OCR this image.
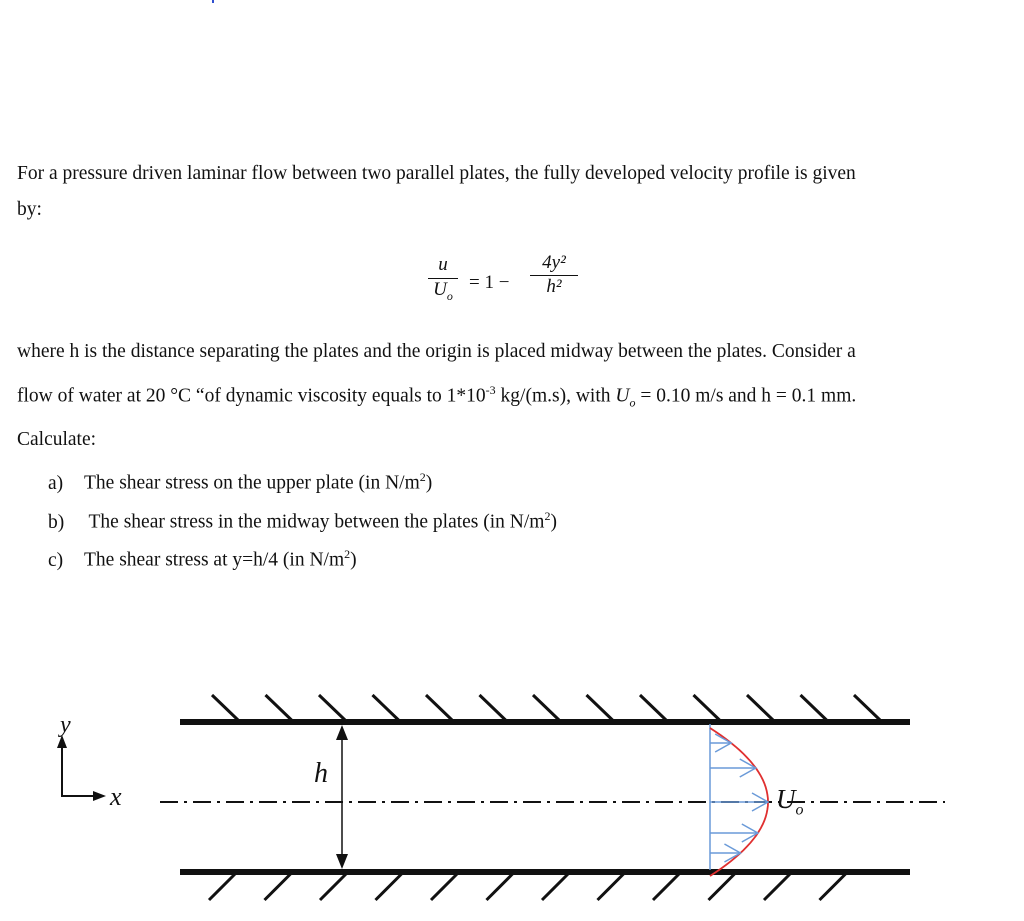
For a pressure driven laminar flow between two parallel plates, the fully developed velocity profile is given
by:
$\frac{u}{U_o} = 1 - \frac{\text{4y²}}{\text{h²}}$
where h is the distance separating the plates and the origin is placed midway between the plates. Consider a
flow of water at 20 °C “of dynamic viscosity equals to $1*10^{-3}$ kg/(m.s), with $U_o = 0.10$ m/s and h = 0.1 mm.
Calculate:
a) The shear stress on the upper plate (in $N/m^2$)
b) The shear stress in the midway between the plates (in $N/m^2$)
c) The shear stress at y=h/4 (in $N/m^2$)
y
x
h
$U_o$
